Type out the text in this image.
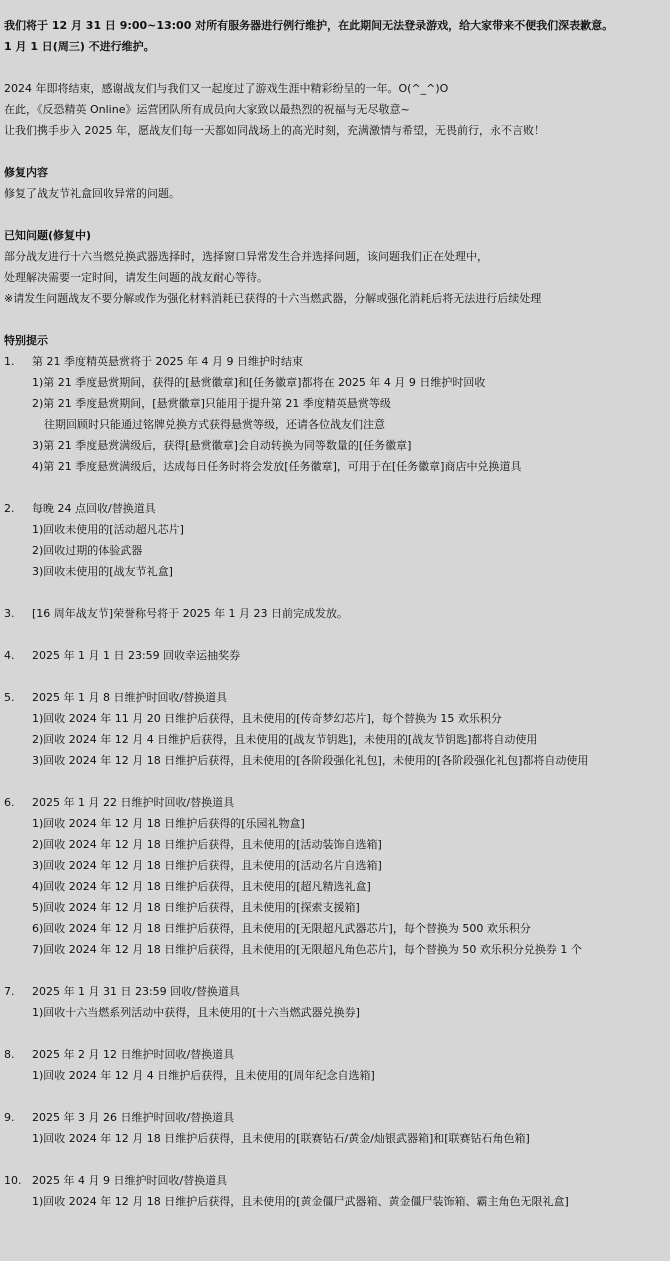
我们将于 12 月 31 日 9:00~13:00 对所有服务器进行例行维护，在此期间无法登录游戏，给大家带来不便我们深表歉意。
1 月 1 日(周三) 不进行维护。
2024 年即将结束，感谢战友们与我们又一起度过了游戏生涯中精彩纷呈的一年。O(^_^)O
在此，《反恐精英 Online》运营团队所有成员向大家致以最热烈的祝福与无尽敬意~
让我们携手步入 2025 年，愿战友们每一天都如同战场上的高光时刻，充满激情与希望，无畏前行，永不言败！
修复内容
修复了战友节礼盒回收异常的问题。
已知问题(修复中)
部分战友进行十六当燃兑换武器选择时，选择窗口异常发生合并选择问题，该问题我们正在处理中，
处理解决需要一定时间，请发生问题的战友耐心等待。
※请发生问题战友不要分解或作为强化材料消耗已获得的十六当燃武器，分解或强化消耗后将无法进行后续处理
特别提示
1.	第 21 季度精英悬赏将于 2025 年 4 月 9 日维护时结束
1)第 21 季度悬赏期间，获得的[悬赏徽章]和[任务徽章]都将在 2025 年 4 月 9 日维护时回收
2)第 21 季度悬赏期间，[悬赏徽章]只能用于提升第 21 季度精英悬赏等级
往期回顾时只能通过铭牌兑换方式获得悬赏等级，还请各位战友们注意
3)第 21 季度悬赏满级后，获得[悬赏徽章]会自动转换为同等数量的[任务徽章]
4)第 21 季度悬赏满级后，达成每日任务时将会发放[任务徽章]，可用于在[任务徽章]商店中兑换道具
2.	每晚 24 点回收/替换道具
1)回收未使用的[活动超凡芯片]
2)回收过期的体验武器
3)回收未使用的[战友节礼盒]
3.	[16 周年战友节]荣誉称号将于 2025 年 1 月 23 日前完成发放。
4.	2025 年 1 月 1 日 23:59 回收幸运抽奖券
5.	2025 年 1 月 8 日维护时回收/替换道具
1)回收 2024 年 11 月 20 日维护后获得，且未使用的[传奇梦幻芯片]，每个替换为 15 欢乐积分
2)回收 2024 年 12 月 4 日维护后获得，且未使用的[战友节钥匙]，未使用的[战友节钥匙]都将自动使用
3)回收 2024 年 12 月 18 日维护后获得，且未使用的[各阶段强化礼包]，未使用的[各阶段强化礼包]都将自动使用
6.	2025 年 1 月 22 日维护时回收/替换道具
1)回收 2024 年 12 月 18 日维护后获得的[乐园礼物盒]
2)回收 2024 年 12 月 18 日维护后获得，且未使用的[活动装饰自选箱]
3)回收 2024 年 12 月 18 日维护后获得，且未使用的[活动名片自选箱]
4)回收 2024 年 12 月 18 日维护后获得，且未使用的[超凡精选礼盒]
5)回收 2024 年 12 月 18 日维护后获得，且未使用的[探索支援箱]
6)回收 2024 年 12 月 18 日维护后获得，且未使用的[无限超凡武器芯片]，每个替换为 500 欢乐积分
7)回收 2024 年 12 月 18 日维护后获得，且未使用的[无限超凡角色芯片]，每个替换为 50 欢乐积分兑换券 1 个
7.	2025 年 1 月 31 日 23:59 回收/替换道具
1)回收十六当燃系列活动中获得，且未使用的[十六当燃武器兑换券]
8.	2025 年 2 月 12 日维护时回收/替换道具
1)回收 2024 年 12 月 4 日维护后获得，且未使用的[周年纪念自选箱]
9.	2025 年 3 月 26 日维护时回收/替换道具
1)回收 2024 年 12 月 18 日维护后获得，且未使用的[联赛钻石/黄金/灿银武器箱]和[联赛钻石角色箱]
10. 2025 年 4 月 9 日维护时回收/替换道具
1)回收 2024 年 12 月 18 日维护后获得，且未使用的[黄金僵尸武器箱、黄金僵尸装饰箱、霸主角色无限礼盒]
